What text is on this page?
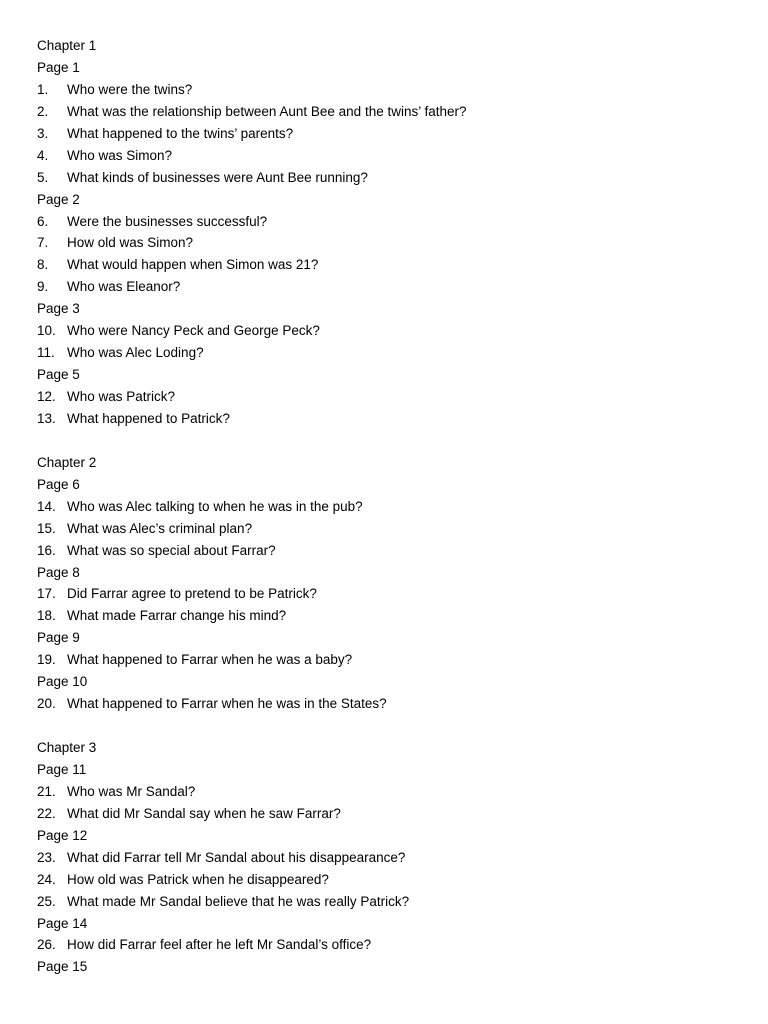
Chapter 1
Page 1
1.	Who were the twins?
2.	What was the relationship between Aunt Bee and the twins’ father?
3.	What happened to the twins’ parents?
4.	Who was Simon?
5.	What kinds of businesses were Aunt Bee running?
Page 2
6.	Were the businesses successful?
7.	How old was Simon?
8.	What would happen when Simon was 21?
9.	Who was Eleanor?
Page 3
10. Who were Nancy Peck and George Peck?
11. Who was Alec Loding?
Page 5
12. Who was Patrick?
13. What happened to Patrick?
Chapter 2
Page 6
14. Who was Alec talking to when he was in the pub?
15. What was Alec’s criminal plan?
16. What was so special about Farrar?
Page 8
17. Did Farrar agree to pretend to be Patrick?
18. What made Farrar change his mind?
Page 9
19. What happened to Farrar when he was a baby?
Page 10
20. What happened to Farrar when he was in the States?
Chapter 3
Page 11
21. Who was Mr Sandal?
22. What did Mr Sandal say when he saw Farrar?
Page 12
23. What did Farrar tell Mr Sandal about his disappearance?
24. How old was Patrick when he disappeared?
25. What made Mr Sandal believe that he was really Patrick?
Page 14
26. How did Farrar feel after he left Mr Sandal’s office?
Page 15
